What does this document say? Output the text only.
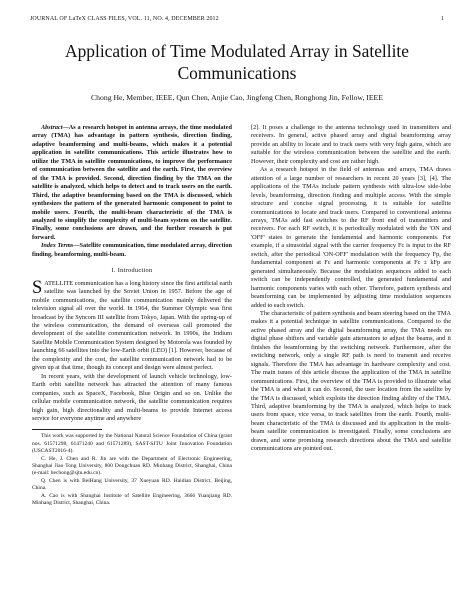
JOURNAL OF LaTeX CLASS FILES, VOL. 11, NO. 4, DECEMBER 2012	1
Application of Time Modulated Array in Satellite Communications
Chong He, Member, IEEE, Qun Chen, Anjie Cao, Jingfeng Chen, Ronghong Jin, Fellow, IEEE

Abstract—As a research hotspot in antenna arrays, the time modulated array (TMA) has advantage in pattern synthesis, direction finding, adaptive beamforming and multi-beams, which makes it a potential application in satellite communications. This article illustrates how to utilize the TMA in satellite communications, to improve the performance of communication between the satellite and the earth. First, the overview of the TMA is provided. Second, direction finding by the TMA on the satellite is analyzed, which helps to detect and to track users on the earth. Third, the adaptive beamforming based on the TMA is discussed, which synthesizes the pattern of the generated harmonic component to point to mobile users. Fourth, the multi-beam characteristic of the TMA is analyzed to simplify the complexity of multi-beam system on the satellite. Finally, some conclusions are drawn, and the further research is put forward.

Index Terms—Satellite communication, time modulated array, direction finding, beamforming, multi-beam.

I. Introduction

SATELLITE communication has a long history since the first artificial earth satellite was launched by the Soviet Union in 1957. Before the age of mobile communications, the satellite communication mainly delivered the television signal all over the world. In 1964, the Summer Olympic was first broadcast by the Syncom III satellite from Tokyo, Japan. With the spring-up of the wireless communication, the demand of overseas call promoted the development of the satellite communication network. In 1990s, the Iridium Satellite Mobile Communication System designed by Motorola was founded by launching 66 satellites into the low-Earth orbit (LEO) [1]. However, because of the complexity and the cost, the satellite communication network had to be given up at that time, though its concept and design were almost perfect.

In recent years, with the development of launch vehicle technology, low-Earth orbit satellite network has attracted the attention of many famous companies, such as SpaceX, Facebook, Blue Origin and so on. Unlike the cellular mobile communication network, the satellite communication requires high gain, high directionality and multi-beams to provide Internet access service for everyone anytime and anywhere

This work was supported by the National Natural Science Foundation of China (grant nos. 61571298, 61471240 and 61571289), SAST-SJTU Joint Innovation Foundation (USCAST2016-4).

C. He, J. Chen and R. Jin are with the Department of Electronic Engineering, Shanghai Jiao Tong University, 800 Dongchuan RD. Minhang District, Shanghai, China (e-mail: hechong@sjtu.edu.cn).

Q. Chen is with BeiHang University, 37 Xueyuan RD. Haidian District, Beijing, China.

A. Cao is with Shanghai Institute of Satellite Engineering, 3666 Yuanjiang RD. Minhang District, Shanghai, China.

[2]. It poses a challenge to the antenna technology used in transmitters and receivers. In general, active phased array and digital beamforming array provide an ability to locate and to track users with very high gains, which are suitable for the wireless communication between the satellite and the earth. However, their complexity and cost are rather high.

As a research hotspot in the field of antennas and arrays, TMA draws attention of a large number of researchers in recent 20 years [3], [4]. The applications of the TMAs include pattern synthesis with ultra-low side-lobe levels, beamforming, direction finding and multiple access. With the simple structure and concise signal processing, it is suitable for satellite communications to locate and track users. Compared to conventional antenna arrays, TMAs add fast switches to the RF front end of transmitters and receivers. For each RF switch, it is periodically modulated with the 'ON and 'OFF' states to generate the fundamental and harmonic components. For example, if a sinusoidal signal with the carrier frequency Fc is input to the RF switch, after the periodical 'ON-OFF' modulation with the frequency Fp, the fundamental component at Fc and harmonic components at Fc ± kFp are generated simultaneously. Because the modulation sequences added to each switch can be independently controlled, the generated fundamental and harmonic components varies with each other. Therefore, pattern synthesis and beamforming can be implemented by adjusting time modulation sequences added to each switch.

The characteristic of pattern synthesis and beam steering based on the TMA makes it a potential technique in satellite communications. Compared to the active phased array and the digital beamforming array, the TMA needs no digital phase shifters and variable gain attenuators to adjust the beams, and it finishes the beamforming by the switching network. Furthermore, after the switching network, only a single RF path is need to transmit and receive signals. Therefore the TMA has advantage in hardware complexity and cost. The main issues of this article discuss the application of the TMA in satellite communications. First, the overview of the TMA is provided to illustrate what the TMA is and what it can do. Second, the user location from the satellite by the TMA is discussed, which exploits the direction finding ability of the TMA. Third, adaptive beamforming by the TMA is analyzed, which helps to track users from space, vice versa, to track satellites from the earth. Fourth, multi-beam characteristic of the TMA is discussed and its application in the multi-beam satellite communication is investigated. Finally, some conclusions are drawn, and some promising research directions about the TMA and satellite communications are pointed out.
